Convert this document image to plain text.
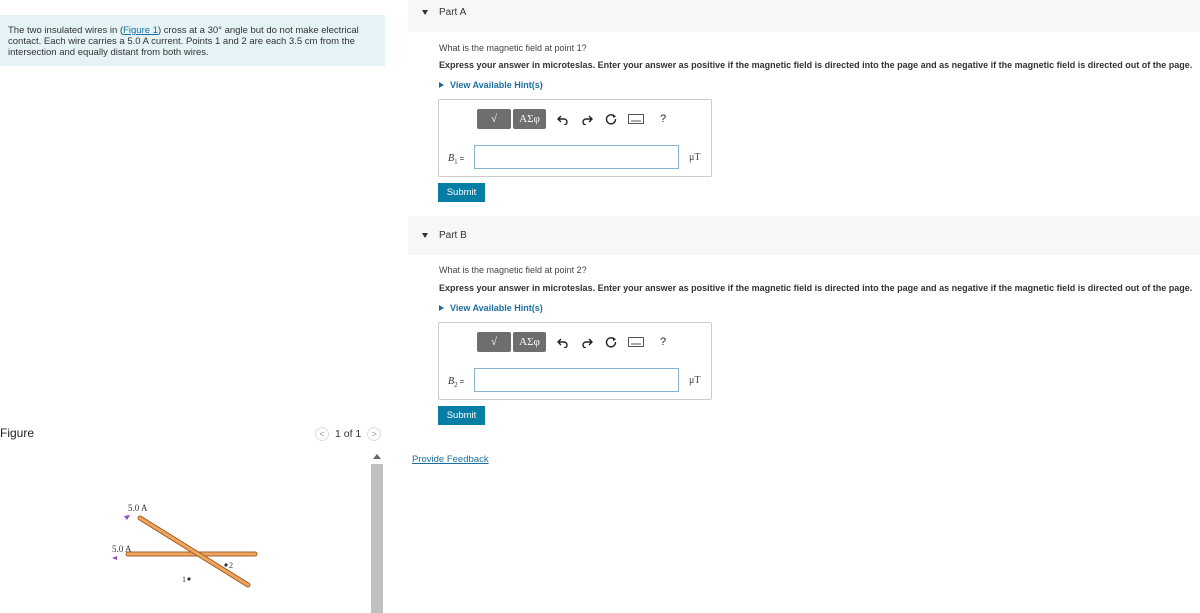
The two insulated wires in (Figure 1) cross at a 30° angle but do not make electrical contact. Each wire carries a 5.0 A current. Points 1 and 2 are each 3.5 cm from the intersection and equally distant from both wires.
Figure	< 1 of 1	>
5.0 A
5.0 A
2
1
Part A
What is the magnetic field at point 1?
Express your answer in microteslas. Enter your answer as positive if the magnetic field is directed into the page and as negative if the magnetic field is directed out of the page.
View Available Hint(s)
√	ΑΣφ	?
$B_1$ =	μT
Submit
Part B
What is the magnetic field at point 2?
Express your answer in microteslas. Enter your answer as positive if the magnetic field is directed into the page and as negative if the magnetic field is directed out of the page.
View Available Hint(s)
√	ΑΣφ	?
$B_2$ =	μT
Submit
Provide Feedback
